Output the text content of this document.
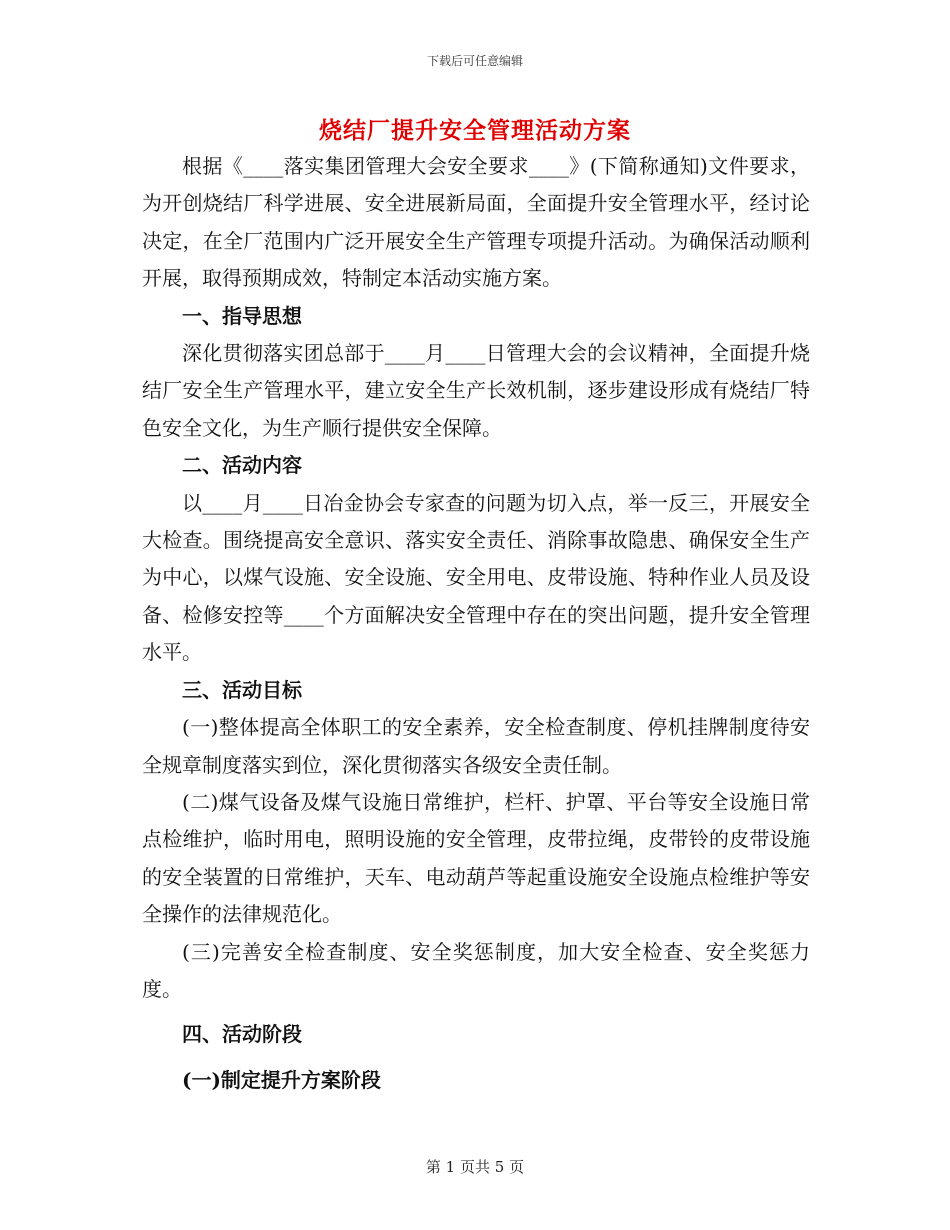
下载后可任意编辑
烧结厂提升安全管理活动方案

根据《____落实集团管理大会安全要求____》(下简称通知)文件要求，为开创烧结厂科学进展、安全进展新局面，全面提升安全管理水平，经讨论决定，在全厂范围内广泛开展安全生产管理专项提升活动。为确保活动顺利开展，取得预期成效，特制定本活动实施方案。

一、指导思想

深化贯彻落实团总部于____月____日管理大会的会议精神，全面提升烧结厂安全生产管理水平，建立安全生产长效机制，逐步建设形成有烧结厂特色安全文化，为生产顺行提供安全保障。

二、活动内容

以____月____日冶金协会专家查的问题为切入点，举一反三，开展安全大检查。围绕提高安全意识、落实安全责任、消除事故隐患、确保安全生产为中心，以煤气设施、安全设施、安全用电、皮带设施、特种作业人员及设备、检修安控等____个方面解决安全管理中存在的突出问题，提升安全管理水平。

三、活动目标

(一)整体提高全体职工的安全素养，安全检查制度、停机挂牌制度待安全规章制度落实到位，深化贯彻落实各级安全责任制。

(二)煤气设备及煤气设施日常维护，栏杆、护罩、平台等安全设施日常点检维护，临时用电，照明设施的安全管理，皮带拉绳，皮带铃的皮带设施的安全装置的日常维护，天车、电动葫芦等起重设施安全设施点检维护等安全操作的法律规范化。

(三)完善安全检查制度、安全奖惩制度，加大安全检查、安全奖惩力度。

四、活动阶段

(一)制定提升方案阶段

第 1 页共 5 页
